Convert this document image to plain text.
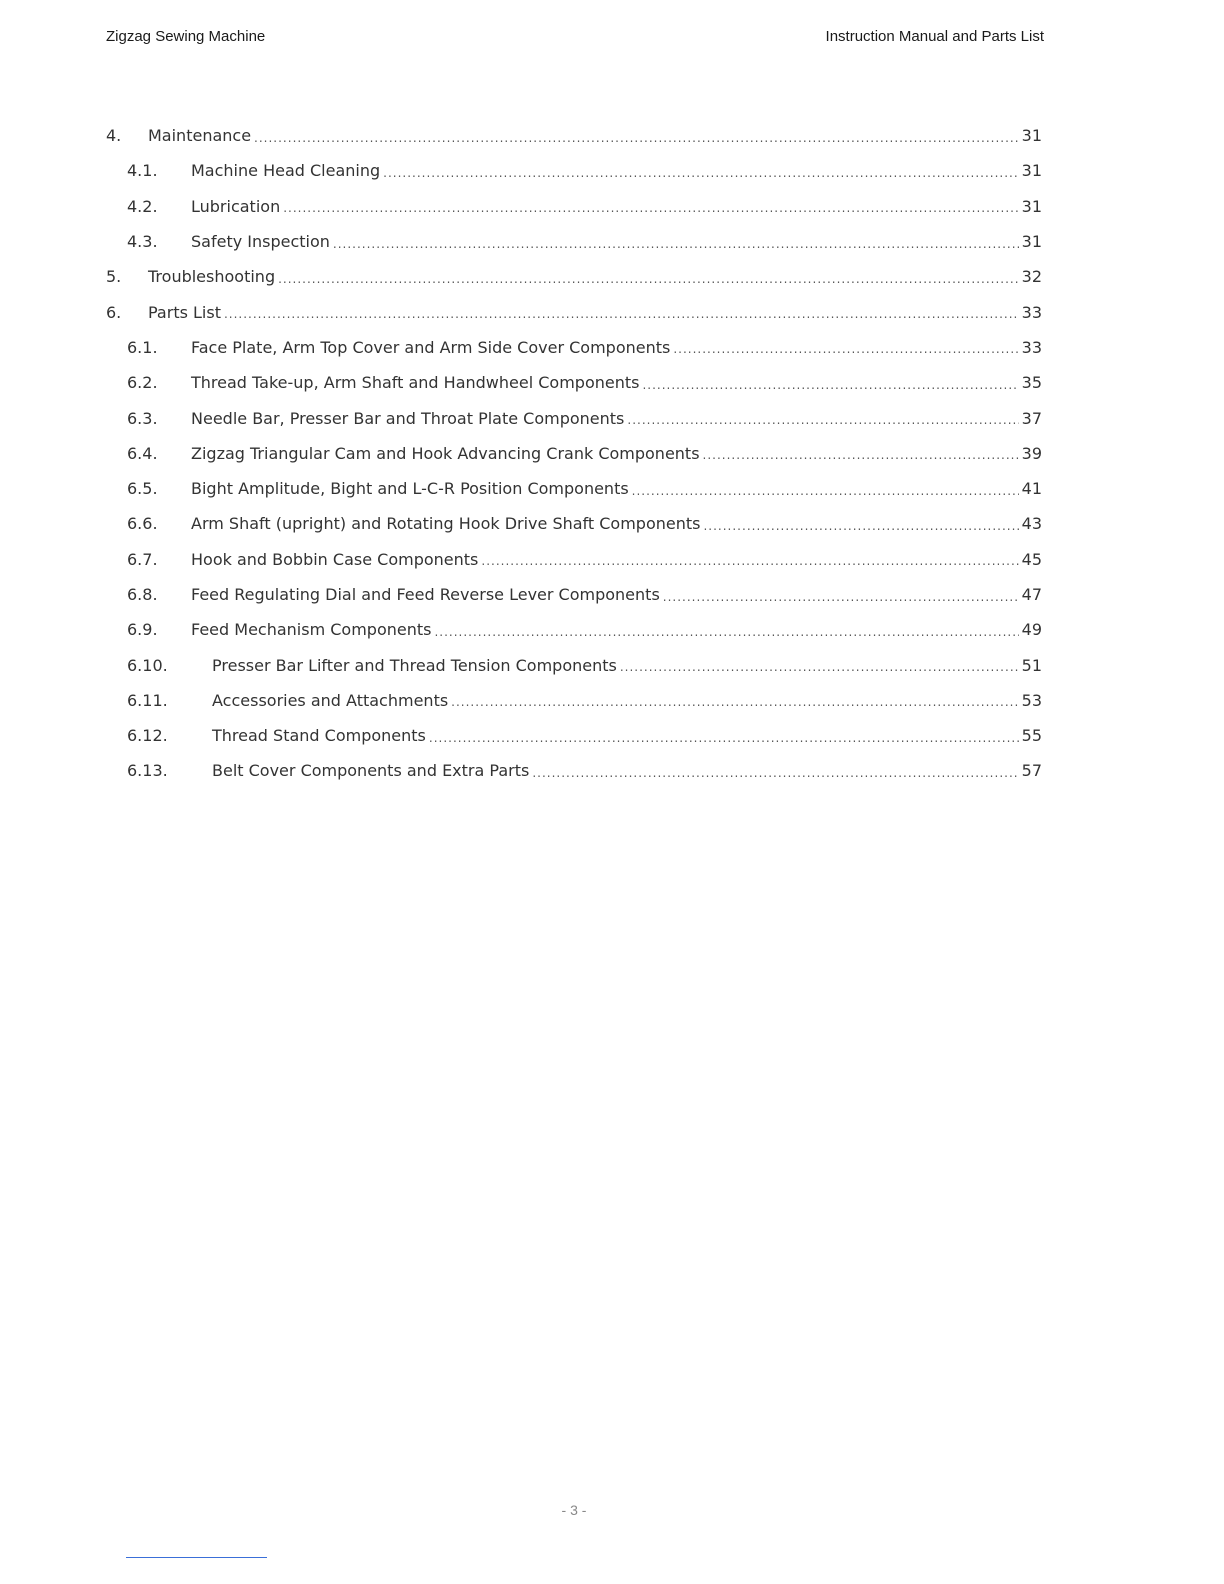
Zigzag Sewing Machine	Instruction Manual and Parts List
4.	Maintenance .....	31
4.1.	Machine Head Cleaning .....	31
4.2.	Lubrication .....	31
4.3.	Safety Inspection .....	31
5.	Troubleshooting .....	32
6.	Parts List .....	33
6.1.	Face Plate, Arm Top Cover and Arm Side Cover Components .....	33
6.2.	Thread Take-up, Arm Shaft and Handwheel Components .....	35
6.3.	Needle Bar, Presser Bar and Throat Plate Components .....	37
6.4.	Zigzag Triangular Cam and Hook Advancing Crank Components .....	39
6.5.	Bight Amplitude, Bight and L-C-R Position Components .....	41
6.6.	Arm Shaft (upright) and Rotating Hook Drive Shaft Components .....	43
6.7.	Hook and Bobbin Case Components .....	45
6.8.	Feed Regulating Dial and Feed Reverse Lever Components .....	47
6.9.	Feed Mechanism Components .....	49
6.10.	Presser Bar Lifter and Thread Tension Components .....	51
6.11.	Accessories and Attachments .....	53
6.12.	Thread Stand Components .....	55
6.13.	Belt Cover Components and Extra Parts .....	57
- 3 -
